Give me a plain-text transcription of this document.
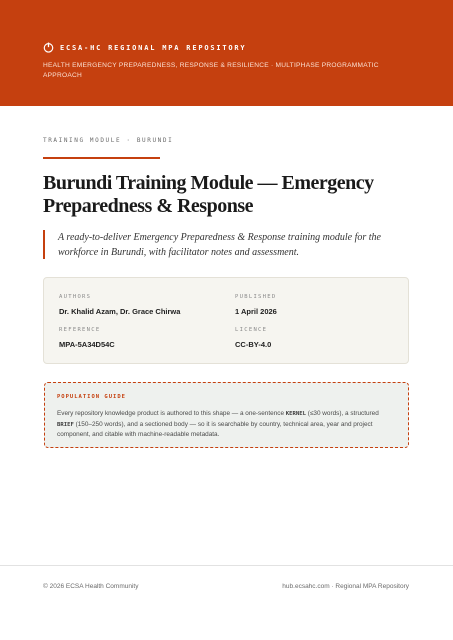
ECSA-HC REGIONAL MPA REPOSITORY
HEALTH EMERGENCY PREPAREDNESS, RESPONSE & RESILIENCE · MULTIPHASE PROGRAMMATIC APPROACH
TRAINING MODULE · BURUNDI
Burundi Training Module — Emergency Preparedness & Response
A ready-to-deliver Emergency Preparedness & Response training module for the workforce in Burundi, with facilitator notes and assessment.
AUTHORS
Dr. Khalid Azam, Dr. Grace Chirwa
PUBLISHED
1 April 2026
REFERENCE
MPA-5A34D54C
LICENCE
CC-BY-4.0
POPULATION GUIDE
Every repository knowledge product is authored to this shape — a one-sentence KERNEL (≤30 words), a structured BRIEF (150–250 words), and a sectioned body — so it is searchable by country, technical area, year and project component, and citable with machine-readable metadata.
© 2026 ECSA Health Community	hub.ecsahc.com · Regional MPA Repository
